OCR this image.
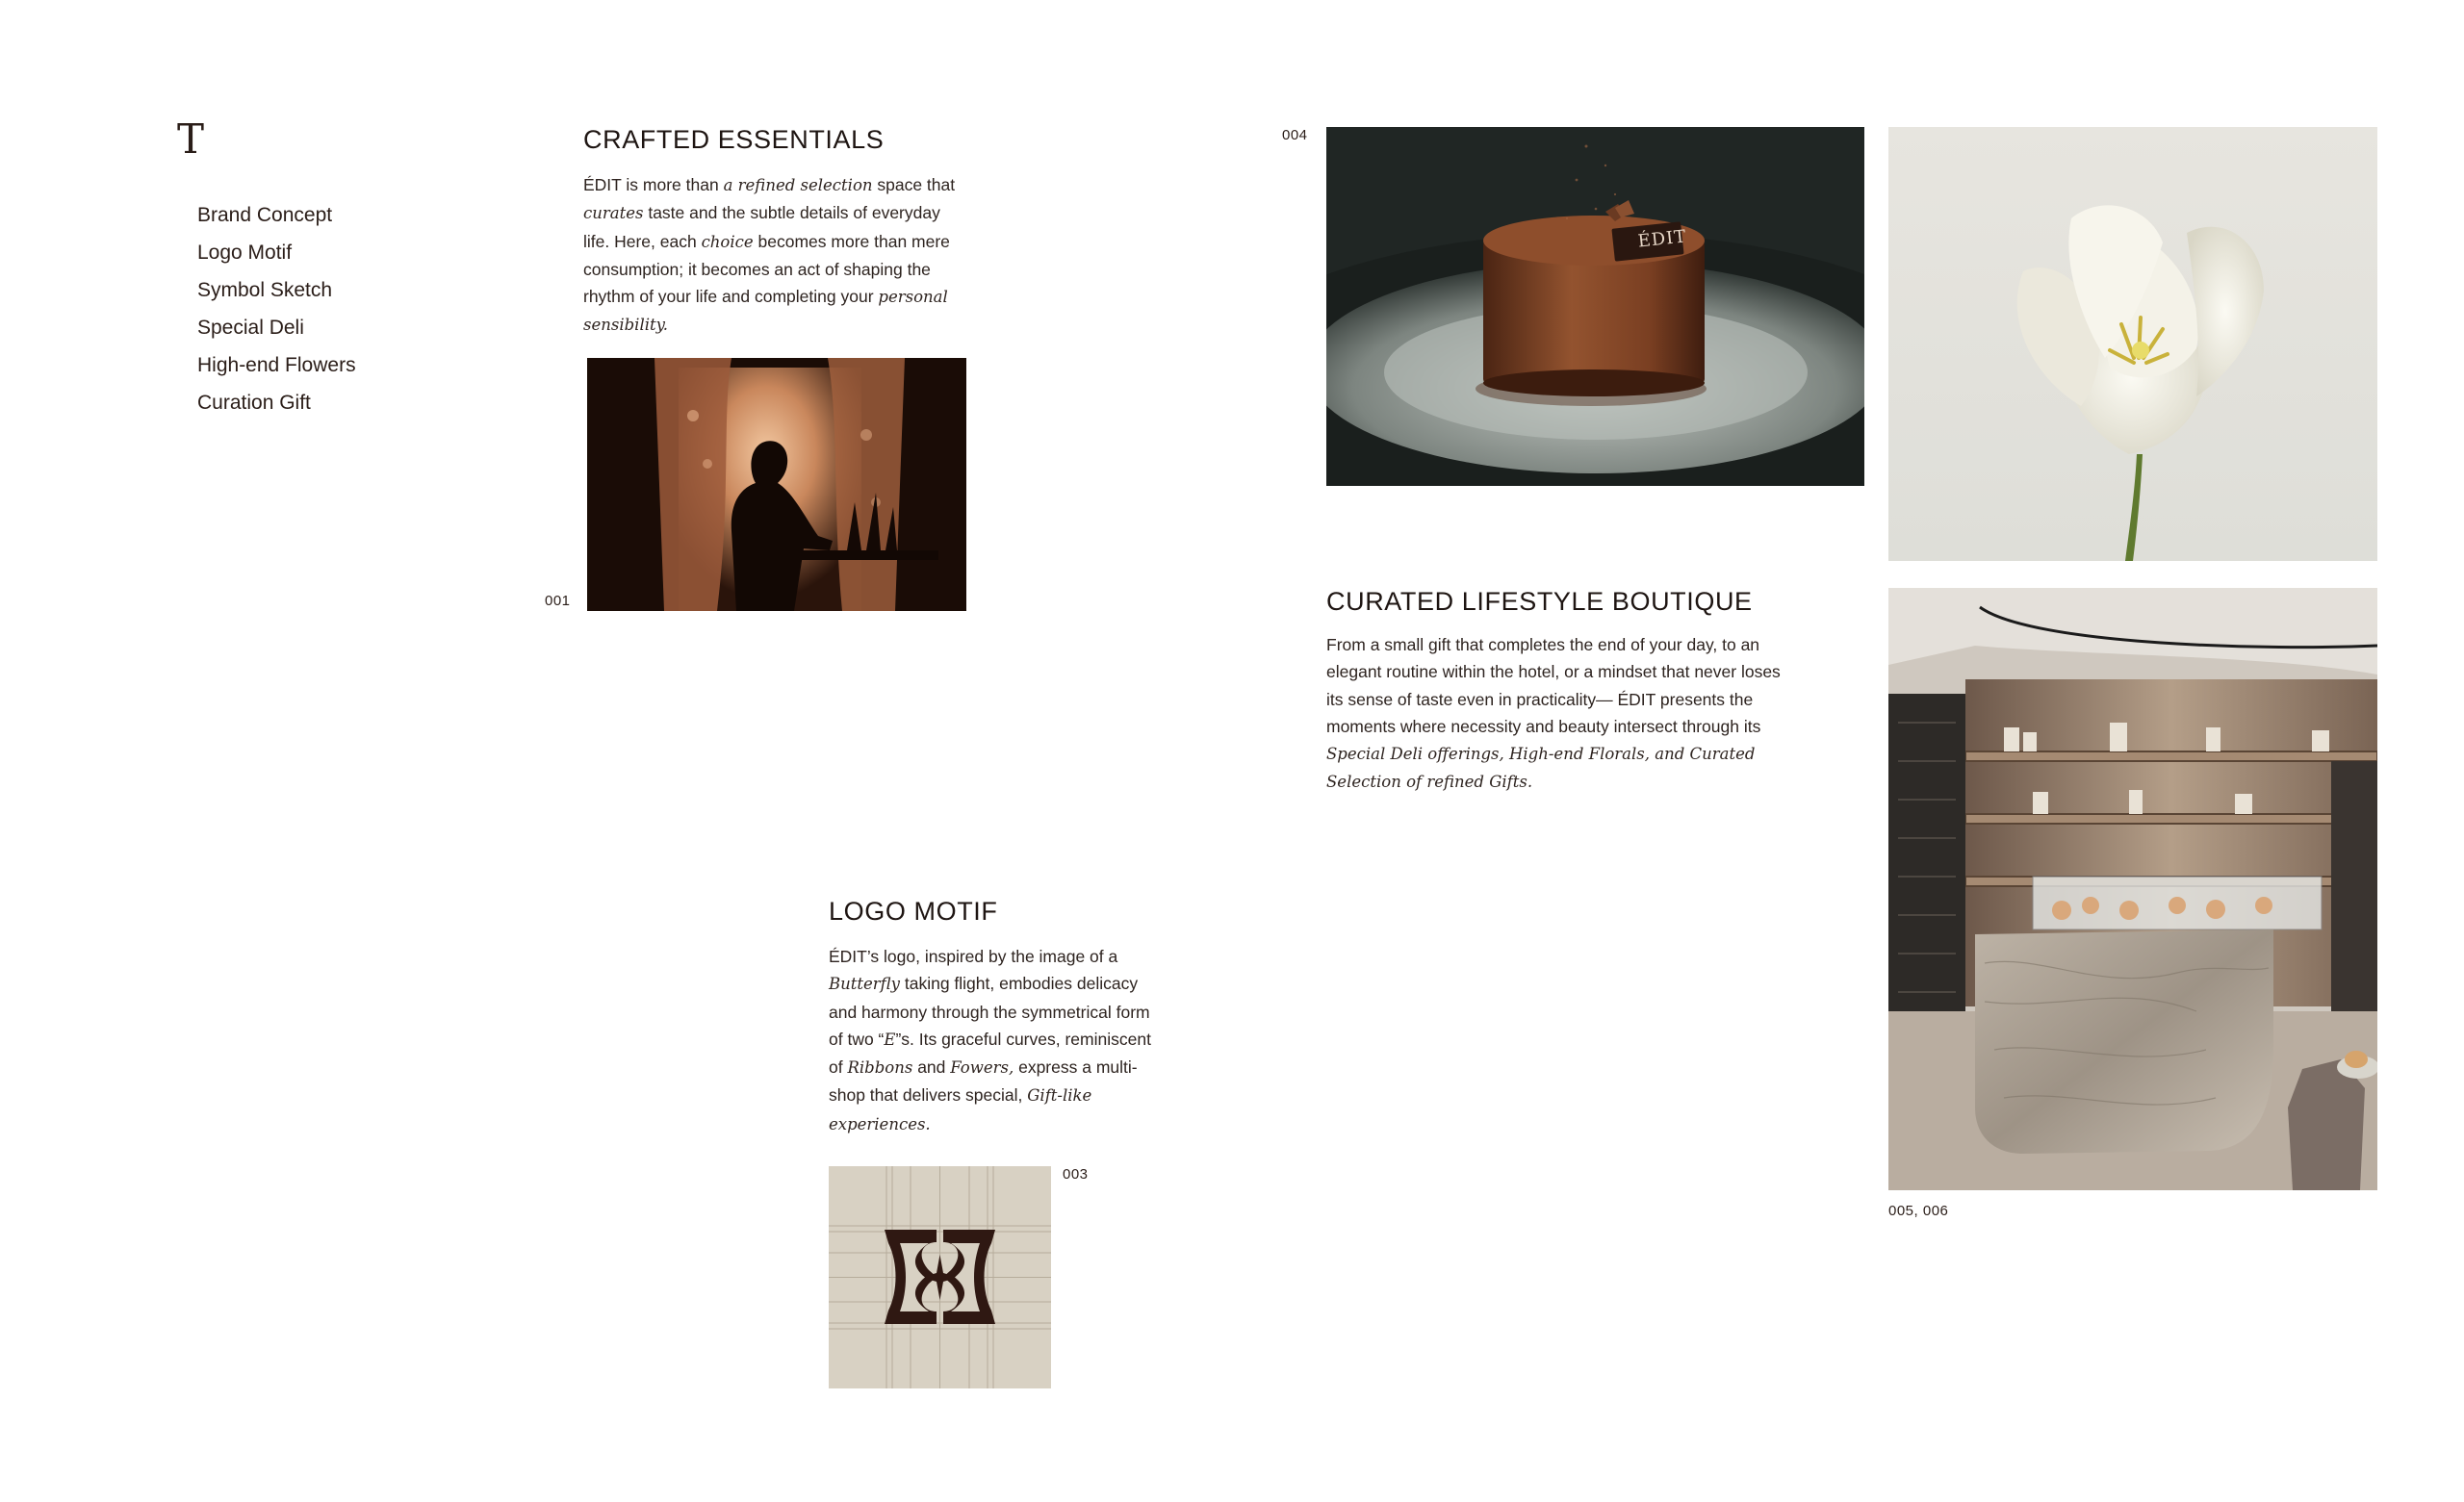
T
Brand Concept
Logo Motif
Symbol Sketch
Special Deli
High-end Flowers
Curation Gift
CRAFTED ESSENTIALS

ÉDIT is more than a refined selection space that curates taste and the subtle details of everyday life. Here, each choice becomes more than mere consumption; it becomes an act of shaping the rhythm of your life and completing your personal sensibility.

001
LOGO MOTIF

ÉDIT’s logo, inspired by the image of a Butterfly taking flight, embodies delicacy and harmony through the symmetrical form of two “E”s. Its graceful curves, reminiscent of Ribbons and Fowers, express a multi-shop that delivers special, Gift-like experiences.

003
004
ÉDIT
CURATED LIFESTYLE BOUTIQUE

From a small gift that completes the end of your day, to an elegant routine within the hotel, or a mindset that never loses its sense of taste even in practicality— ÉDIT presents the moments where necessity and beauty intersect through its Special Deli offerings, High-end Florals, and Curated Selection of refined Gifts.

005, 006
